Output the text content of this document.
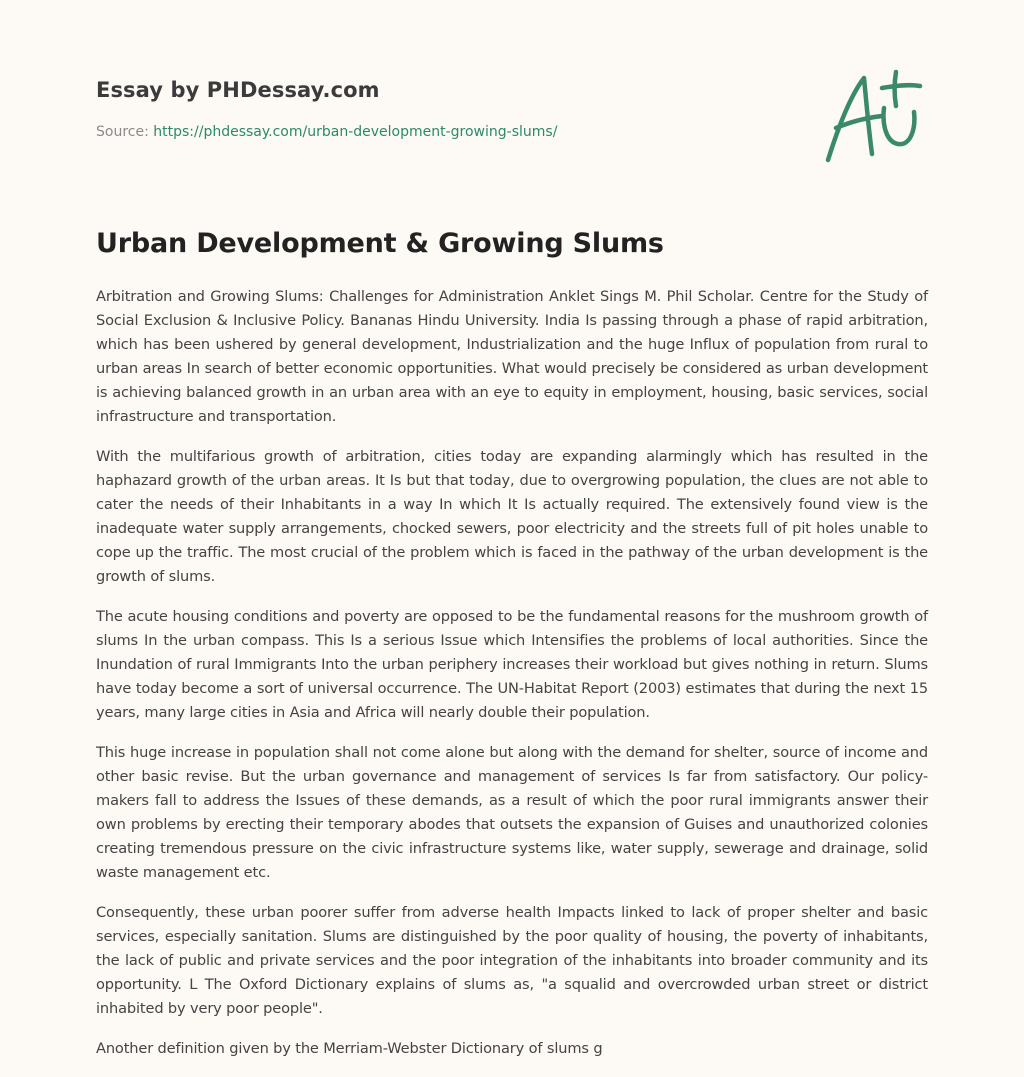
Essay by PHDessay.com
Source: https://phdessay.com/urban-development-growing-slums/
Urban Development & Growing Slums

Arbitration and Growing Slums: Challenges for Administration Anklet Sings M. Phil Scholar. Centre for the Study of Social Exclusion & Inclusive Policy. Bananas Hindu University. India Is passing through a phase of rapid arbitration, which has been ushered by general development, Industrialization and the huge Influx of population from rural to urban areas In search of better economic opportunities. What would precisely be considered as urban development is achieving balanced growth in an urban area with an eye to equity in employment, housing, basic services, social infrastructure and transportation.

With the multifarious growth of arbitration, cities today are expanding alarmingly which has resulted in the haphazard growth of the urban areas. It Is but that today, due to overgrowing population, the clues are not able to cater the needs of their Inhabitants in a way In which It Is actually required. The extensively found view is the inadequate water supply arrangements, chocked sewers, poor electricity and the streets full of pit holes unable to cope up the traffic. The most crucial of the problem which is faced in the pathway of the urban development is the growth of slums.

The acute housing conditions and poverty are opposed to be the fundamental reasons for the mushroom growth of slums In the urban compass. This Is a serious Issue which Intensifies the problems of local authorities. Since the Inundation of rural Immigrants Into the urban periphery increases their workload but gives nothing in return. Slums have today become a sort of universal occurrence. The UN-Habitat Report (2003) estimates that during the next 15 years, many large cities in Asia and Africa will nearly double their population.

This huge increase in population shall not come alone but along with the demand for shelter, source of income and other basic revise. But the urban governance and management of services Is far from satisfactory. Our policy-makers fall to address the Issues of these demands, as a result of which the poor rural immigrants answer their own problems by erecting their temporary abodes that outsets the expansion of Guises and unauthorized colonies creating tremendous pressure on the civic infrastructure systems like, water supply, sewerage and drainage, solid waste management etc.

Consequently, these urban poorer suffer from adverse health Impacts linked to lack of proper shelter and basic services, especially sanitation. Slums are distinguished by the poor quality of housing, the poverty of inhabitants, the lack of public and private services and the poor integration of the inhabitants into broader community and its opportunity. L The Oxford Dictionary explains of slums as, "a squalid and overcrowded urban street or district inhabited by very poor people".

Another definition given by the Merriam-Webster Dictionary of slums g
